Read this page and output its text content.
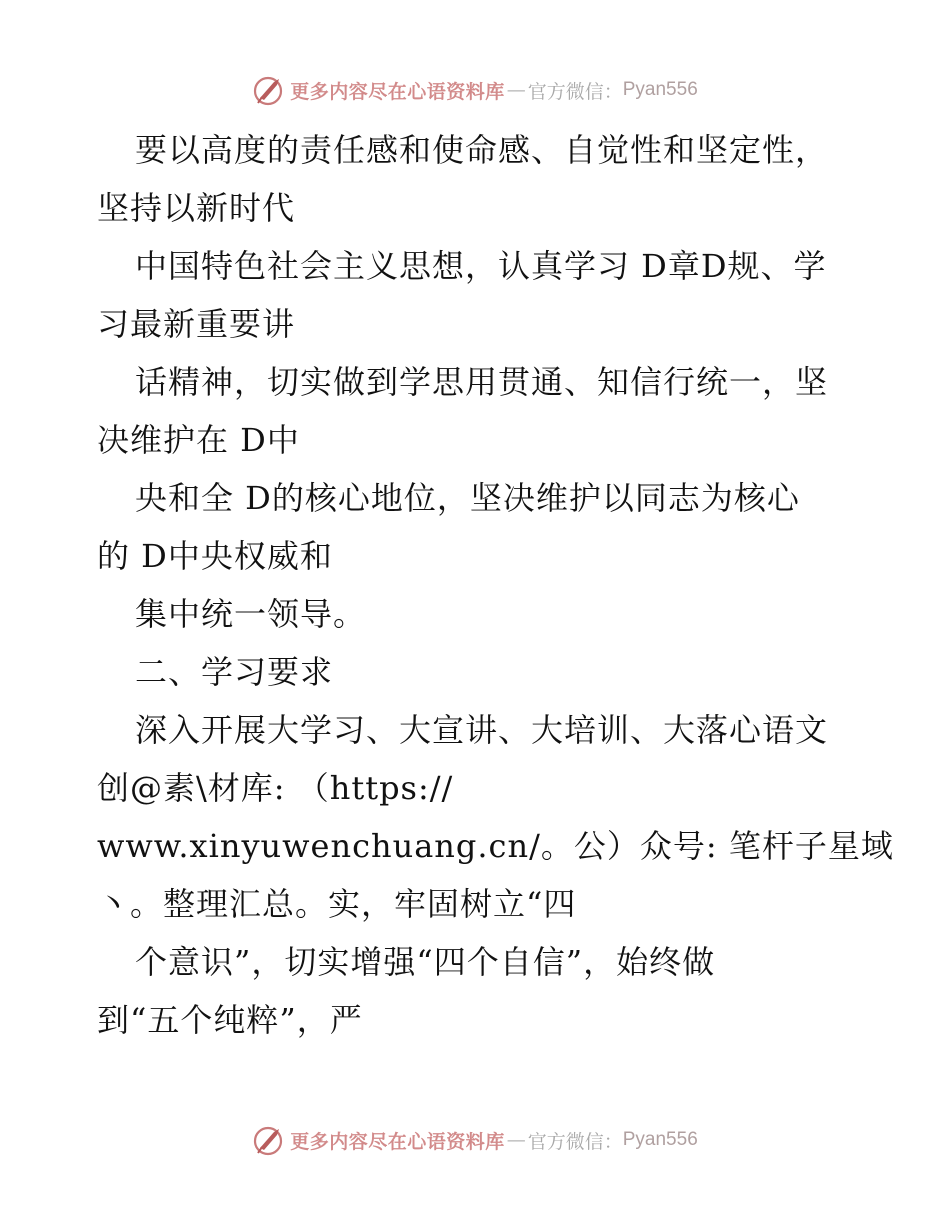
更多内容尽在心语资料库 — 官方微信： Pyan556
要以高度的责任感和使命感、自觉性和坚定性，
坚持以新时代
中国特色社会主义思想，认真学习 D章D规、学
习最新重要讲
话精神，切实做到学思用贯通、知信行统一，坚
决维护在 D中
央和全 D的核心地位，坚决维护以同志为核心
的 D中央权威和
集中统一领导。
二、学习要求
深入开展大学习、大宣讲、大培训、大落心语文
创@素\材库: （https://
www.xinyuwenchuang.cn/。公）众号: 笔杆子星域
丶。整理汇总。实，牢固树立“四
个意识”，切实增强“四个自信”，始终做
到“五个纯粹”，严
更多内容尽在心语资料库 — 官方微信： Pyan556
